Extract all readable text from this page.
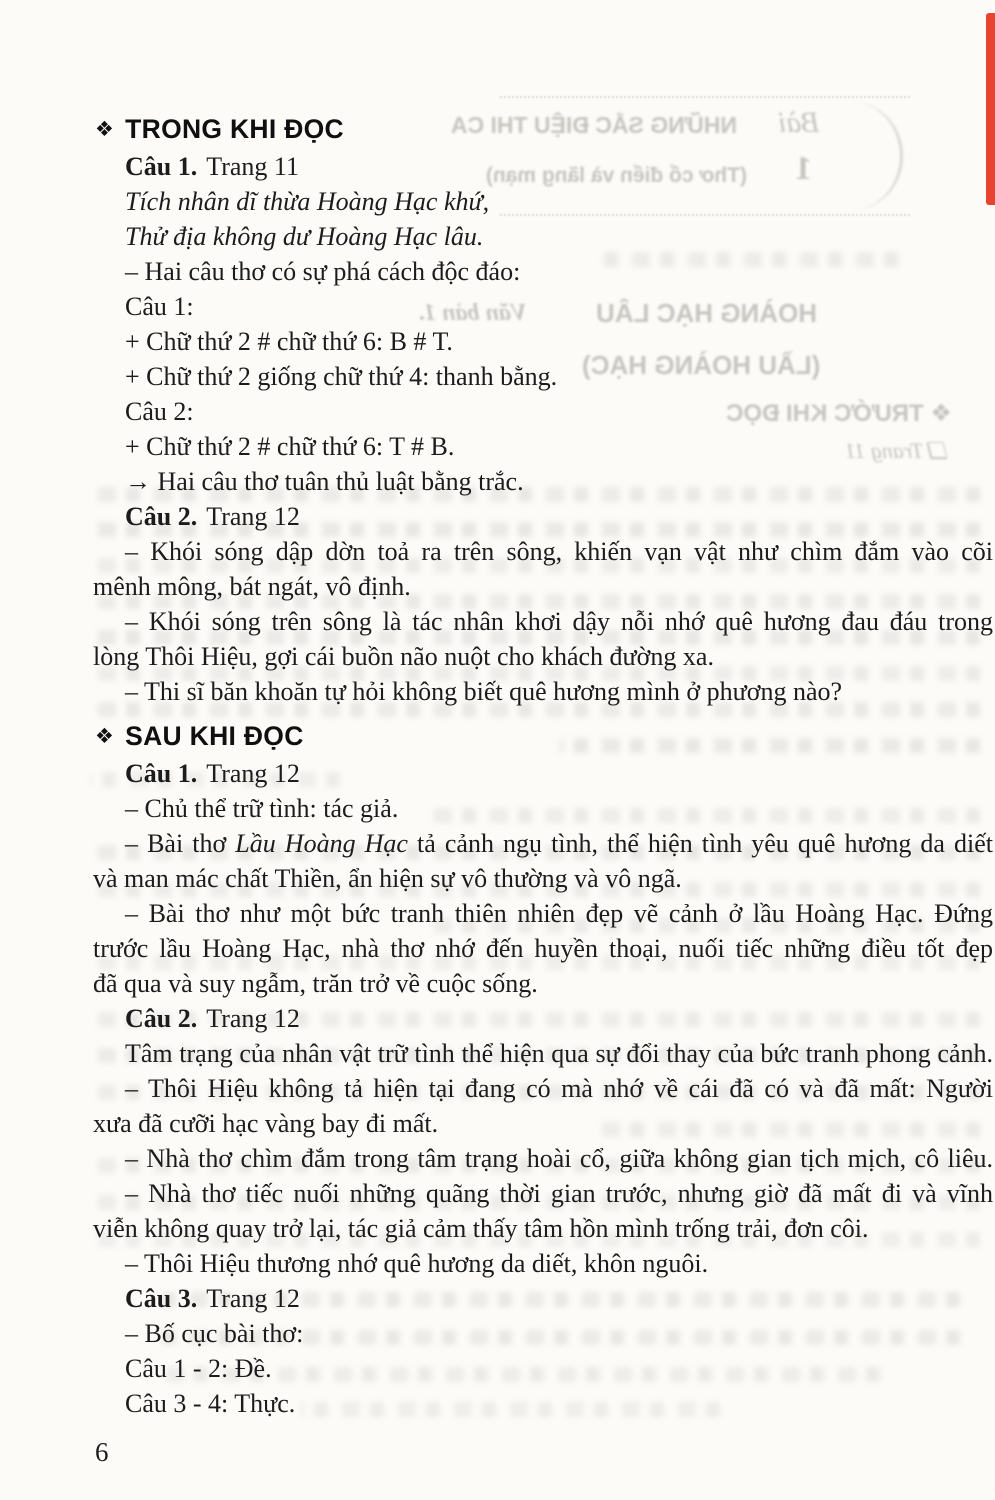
NHỮNG SẮC ĐIỆU THI CA
(Thơ cổ điển và lãng mạn)
Bài
1
Văn bản 1.	HOÀNG HẠC LÂU
(LẦU HOÀNG HẠC)
❖ TRƯỚC KHI ĐỌC
❏ Trang 11
❖ TRONG KHI ĐỌC
Câu 1. Trang 11
Tích nhân dĩ thừa Hoàng Hạc khứ,
Thử địa không dư Hoàng Hạc lâu.
– Hai câu thơ có sự phá cách độc đáo:
Câu 1:
+ Chữ thứ 2 # chữ thứ 6: B # T.
+ Chữ thứ 2 giống chữ thứ 4: thanh bằng.
Câu 2:
+ Chữ thứ 2 # chữ thứ 6: T # B.
→ Hai câu thơ tuân thủ luật bằng trắc.
Câu 2. Trang 12
– Khói sóng dập dờn toả ra trên sông, khiến vạn vật như chìm đắm vào cõi
mênh mông, bát ngát, vô định.
– Khói sóng trên sông là tác nhân khơi dậy nỗi nhớ quê hương đau đáu trong
lòng Thôi Hiệu, gợi cái buồn não nuột cho khách đường xa.
– Thi sĩ băn khoăn tự hỏi không biết quê hương mình ở phương nào?
❖ SAU KHI ĐỌC
Câu 1. Trang 12
– Chủ thể trữ tình: tác giả.
– Bài thơ Lầu Hoàng Hạc tả cảnh ngụ tình, thể hiện tình yêu quê hương da diết
và man mác chất Thiền, ẩn hiện sự vô thường và vô ngã.
– Bài thơ như một bức tranh thiên nhiên đẹp vẽ cảnh ở lầu Hoàng Hạc. Đứng
trước lầu Hoàng Hạc, nhà thơ nhớ đến huyền thoại, nuối tiếc những điều tốt đẹp
đã qua và suy ngẫm, trăn trở về cuộc sống.
Câu 2. Trang 12
Tâm trạng của nhân vật trữ tình thể hiện qua sự đổi thay của bức tranh phong cảnh.
– Thôi Hiệu không tả hiện tại đang có mà nhớ về cái đã có và đã mất: Người
xưa đã cưỡi hạc vàng bay đi mất.
– Nhà thơ chìm đắm trong tâm trạng hoài cổ, giữa không gian tịch mịch, cô liêu.
– Nhà thơ tiếc nuối những quãng thời gian trước, nhưng giờ đã mất đi và vĩnh
viễn không quay trở lại, tác giả cảm thấy tâm hồn mình trống trải, đơn côi.
– Thôi Hiệu thương nhớ quê hương da diết, khôn nguôi.
Câu 3. Trang 12
– Bố cục bài thơ:
Câu 1 - 2: Đề.
Câu 3 - 4: Thực.
6
